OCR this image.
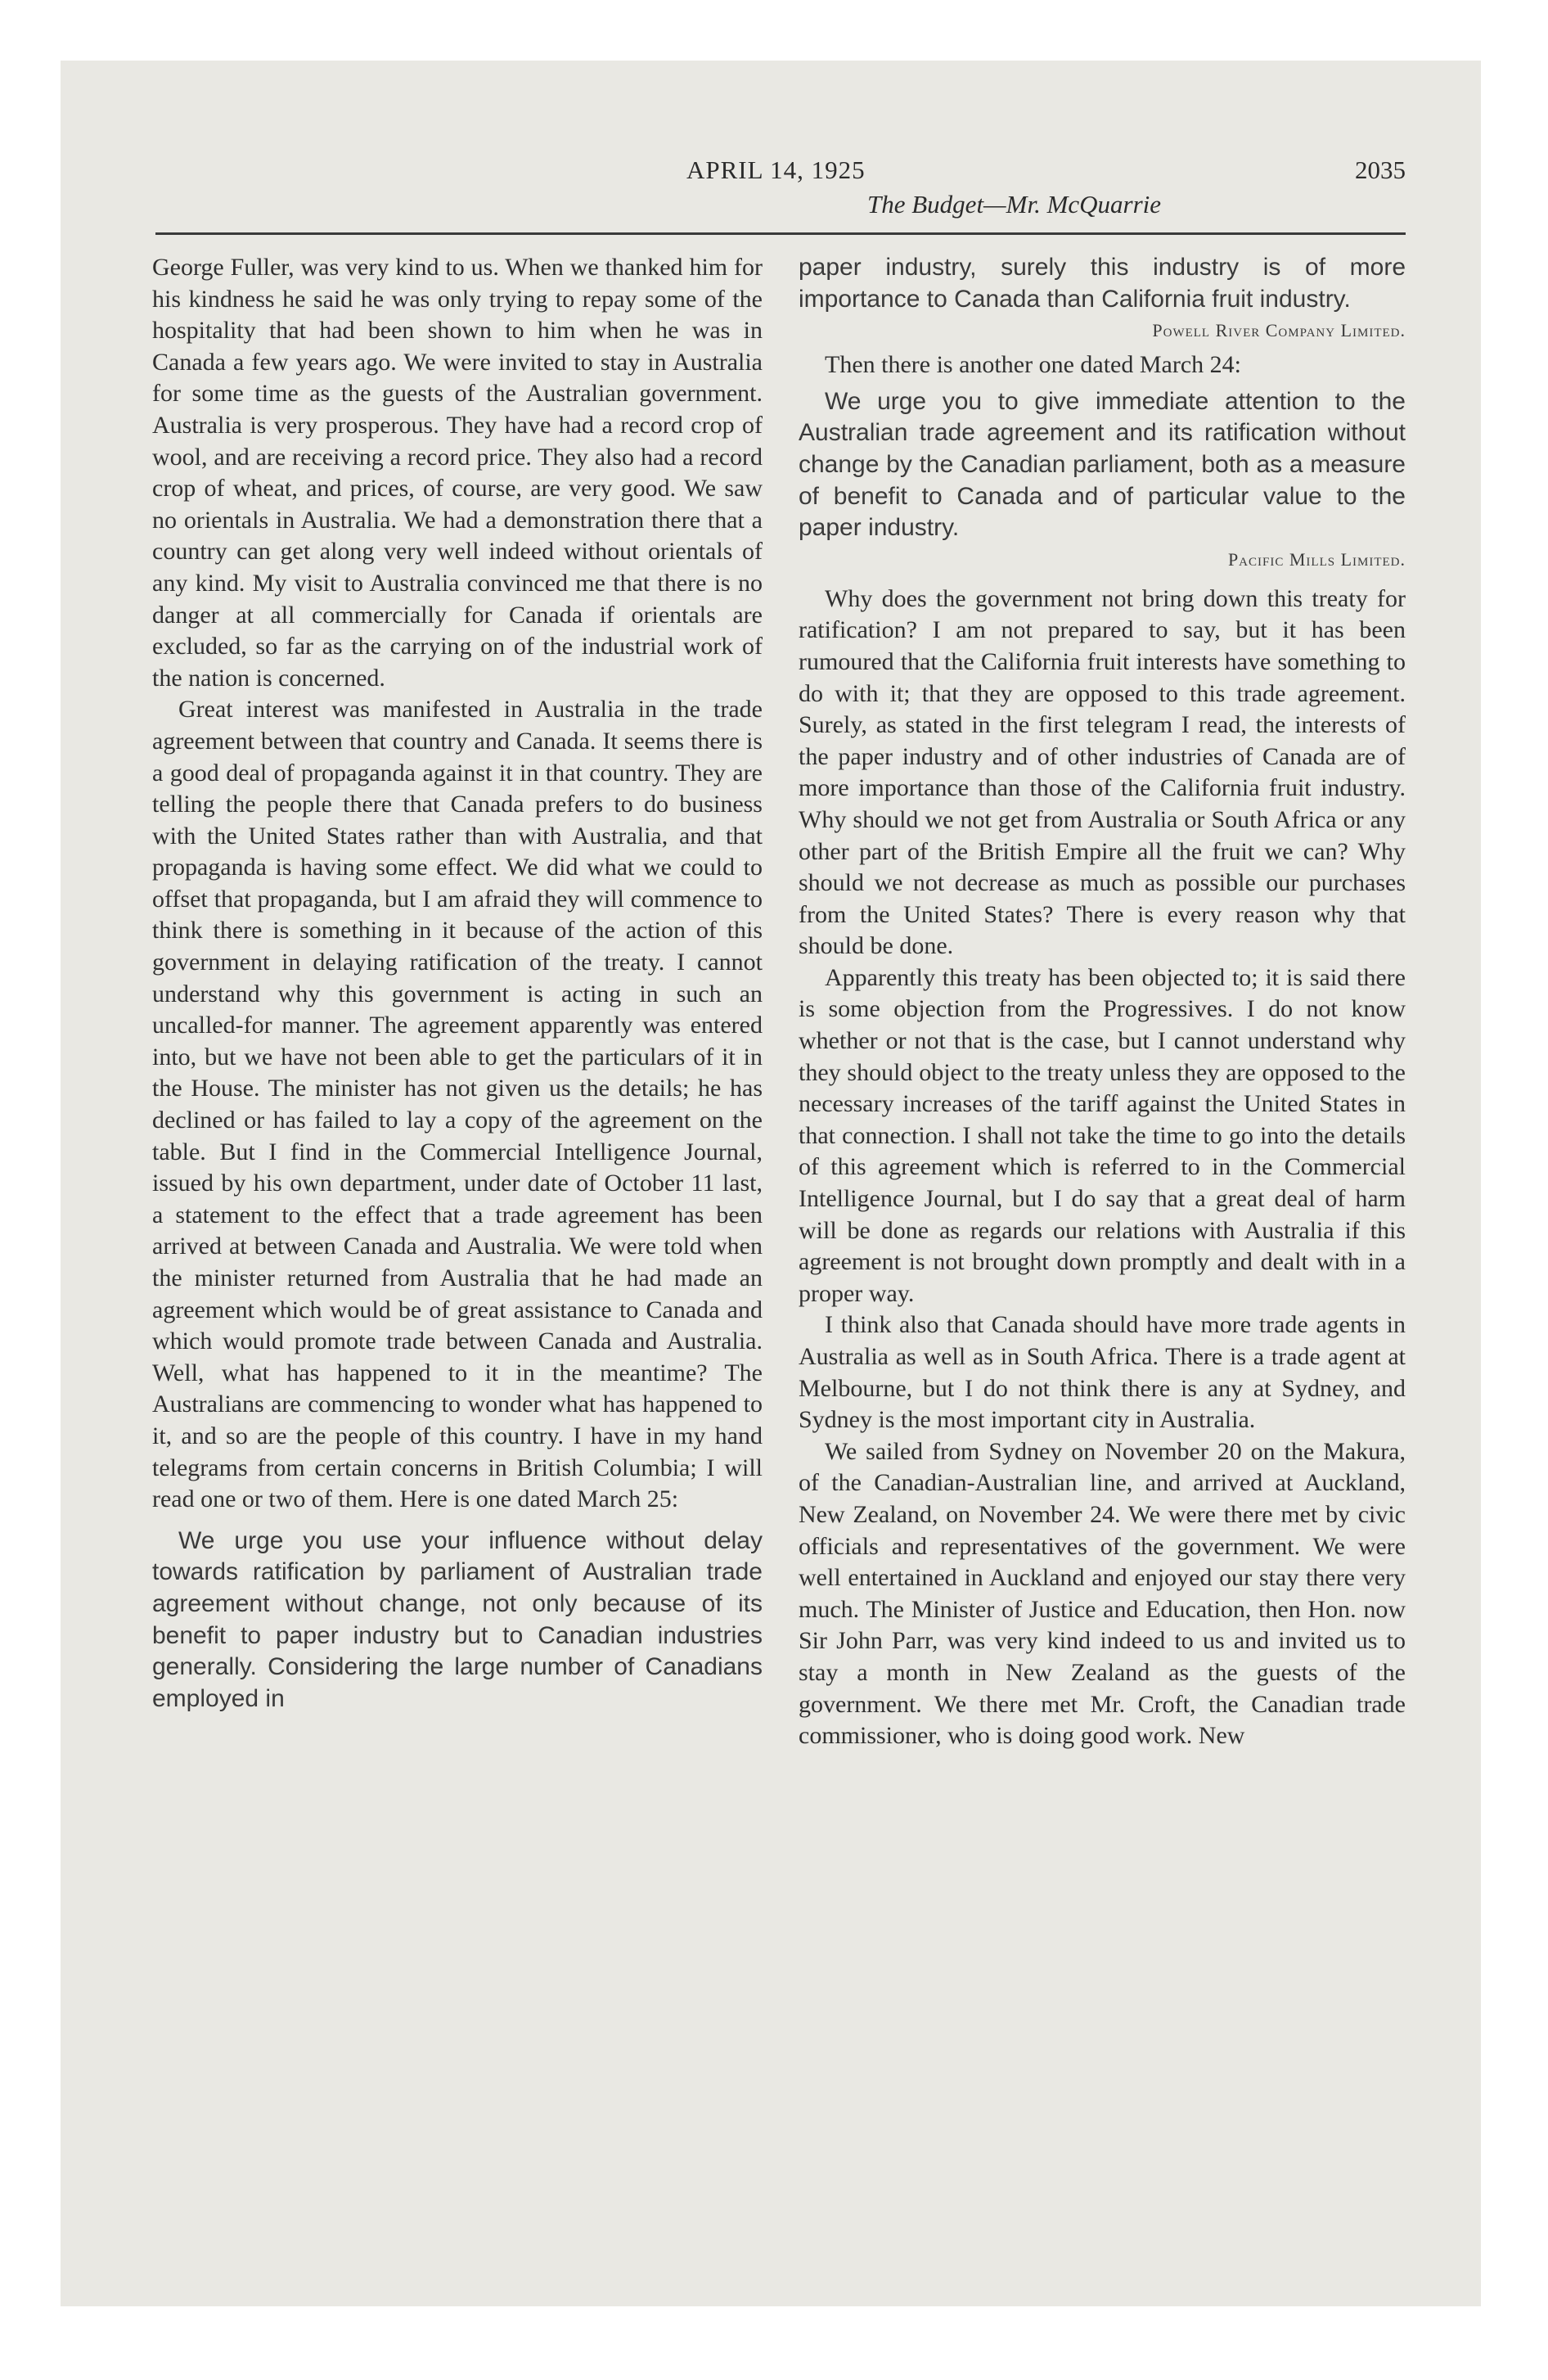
APRIL 14, 1925	2035
The Budget—Mr. McQuarrie

George Fuller, was very kind to us. When we thanked him for his kindness he said he was only trying to repay some of the hospitality that had been shown to him when he was in Canada a few years ago. We were invited to stay in Australia for some time as the guests of the Australian government. Australia is very prosperous. They have had a record crop of wool, and are receiving a record price. They also had a record crop of wheat, and prices, of course, are very good. We saw no orientals in Australia. We had a demonstration there that a country can get along very well indeed without orientals of any kind. My visit to Australia convinced me that there is no danger at all commercially for Canada if orientals are excluded, so far as the carrying on of the industrial work of the nation is concerned.

Great interest was manifested in Australia in the trade agreement between that country and Canada. It seems there is a good deal of propaganda against it in that country. They are telling the people there that Canada prefers to do business with the United States rather than with Australia, and that propaganda is having some effect. We did what we could to offset that propaganda, but I am afraid they will commence to think there is something in it because of the action of this government in delaying ratification of the treaty. I cannot understand why this government is acting in such an uncalled-for manner. The agreement apparently was entered into, but we have not been able to get the particulars of it in the House. The minister has not given us the details; he has declined or has failed to lay a copy of the agreement on the table. But I find in the Commercial Intelligence Journal, issued by his own department, under date of October 11 last, a statement to the effect that a trade agreement has been arrived at between Canada and Australia. We were told when the minister returned from Australia that he had made an agreement which would be of great assistance to Canada and which would promote trade between Canada and Australia. Well, what has happened to it in the meantime? The Australians are commencing to wonder what has happened to it, and so are the people of this country. I have in my hand telegrams from certain concerns in British Columbia; I will read one or two of them. Here is one dated March 25:

We urge you use your influence without delay towards ratification by parliament of Australian trade agreement without change, not only because of its benefit to paper industry but to Canadian industries generally. Considering the large number of Canadians employed in

paper industry, surely this industry is of more importance to Canada than California fruit industry.

Powell River Company Limited.

Then there is another one dated March 24:

We urge you to give immediate attention to the Australian trade agreement and its ratification without change by the Canadian parliament, both as a measure of benefit to Canada and of particular value to the paper industry.

Pacific Mills Limited.

Why does the government not bring down this treaty for ratification? I am not prepared to say, but it has been rumoured that the California fruit interests have something to do with it; that they are opposed to this trade agreement. Surely, as stated in the first telegram I read, the interests of the paper industry and of other industries of Canada are of more importance than those of the California fruit industry. Why should we not get from Australia or South Africa or any other part of the British Empire all the fruit we can? Why should we not decrease as much as possible our purchases from the United States? There is every reason why that should be done.

Apparently this treaty has been objected to; it is said there is some objection from the Progressives. I do not know whether or not that is the case, but I cannot understand why they should object to the treaty unless they are opposed to the necessary increases of the tariff against the United States in that connection. I shall not take the time to go into the details of this agreement which is referred to in the Commercial Intelligence Journal, but I do say that a great deal of harm will be done as regards our relations with Australia if this agreement is not brought down promptly and dealt with in a proper way.

I think also that Canada should have more trade agents in Australia as well as in South Africa. There is a trade agent at Melbourne, but I do not think there is any at Sydney, and Sydney is the most important city in Australia.

We sailed from Sydney on November 20 on the Makura, of the Canadian-Australian line, and arrived at Auckland, New Zealand, on November 24. We were there met by civic officials and representatives of the government. We were well entertained in Auckland and enjoyed our stay there very much. The Minister of Justice and Education, then Hon. now Sir John Parr, was very kind indeed to us and invited us to stay a month in New Zealand as the guests of the government. We there met Mr. Croft, the Canadian trade commissioner, who is doing good work. New
